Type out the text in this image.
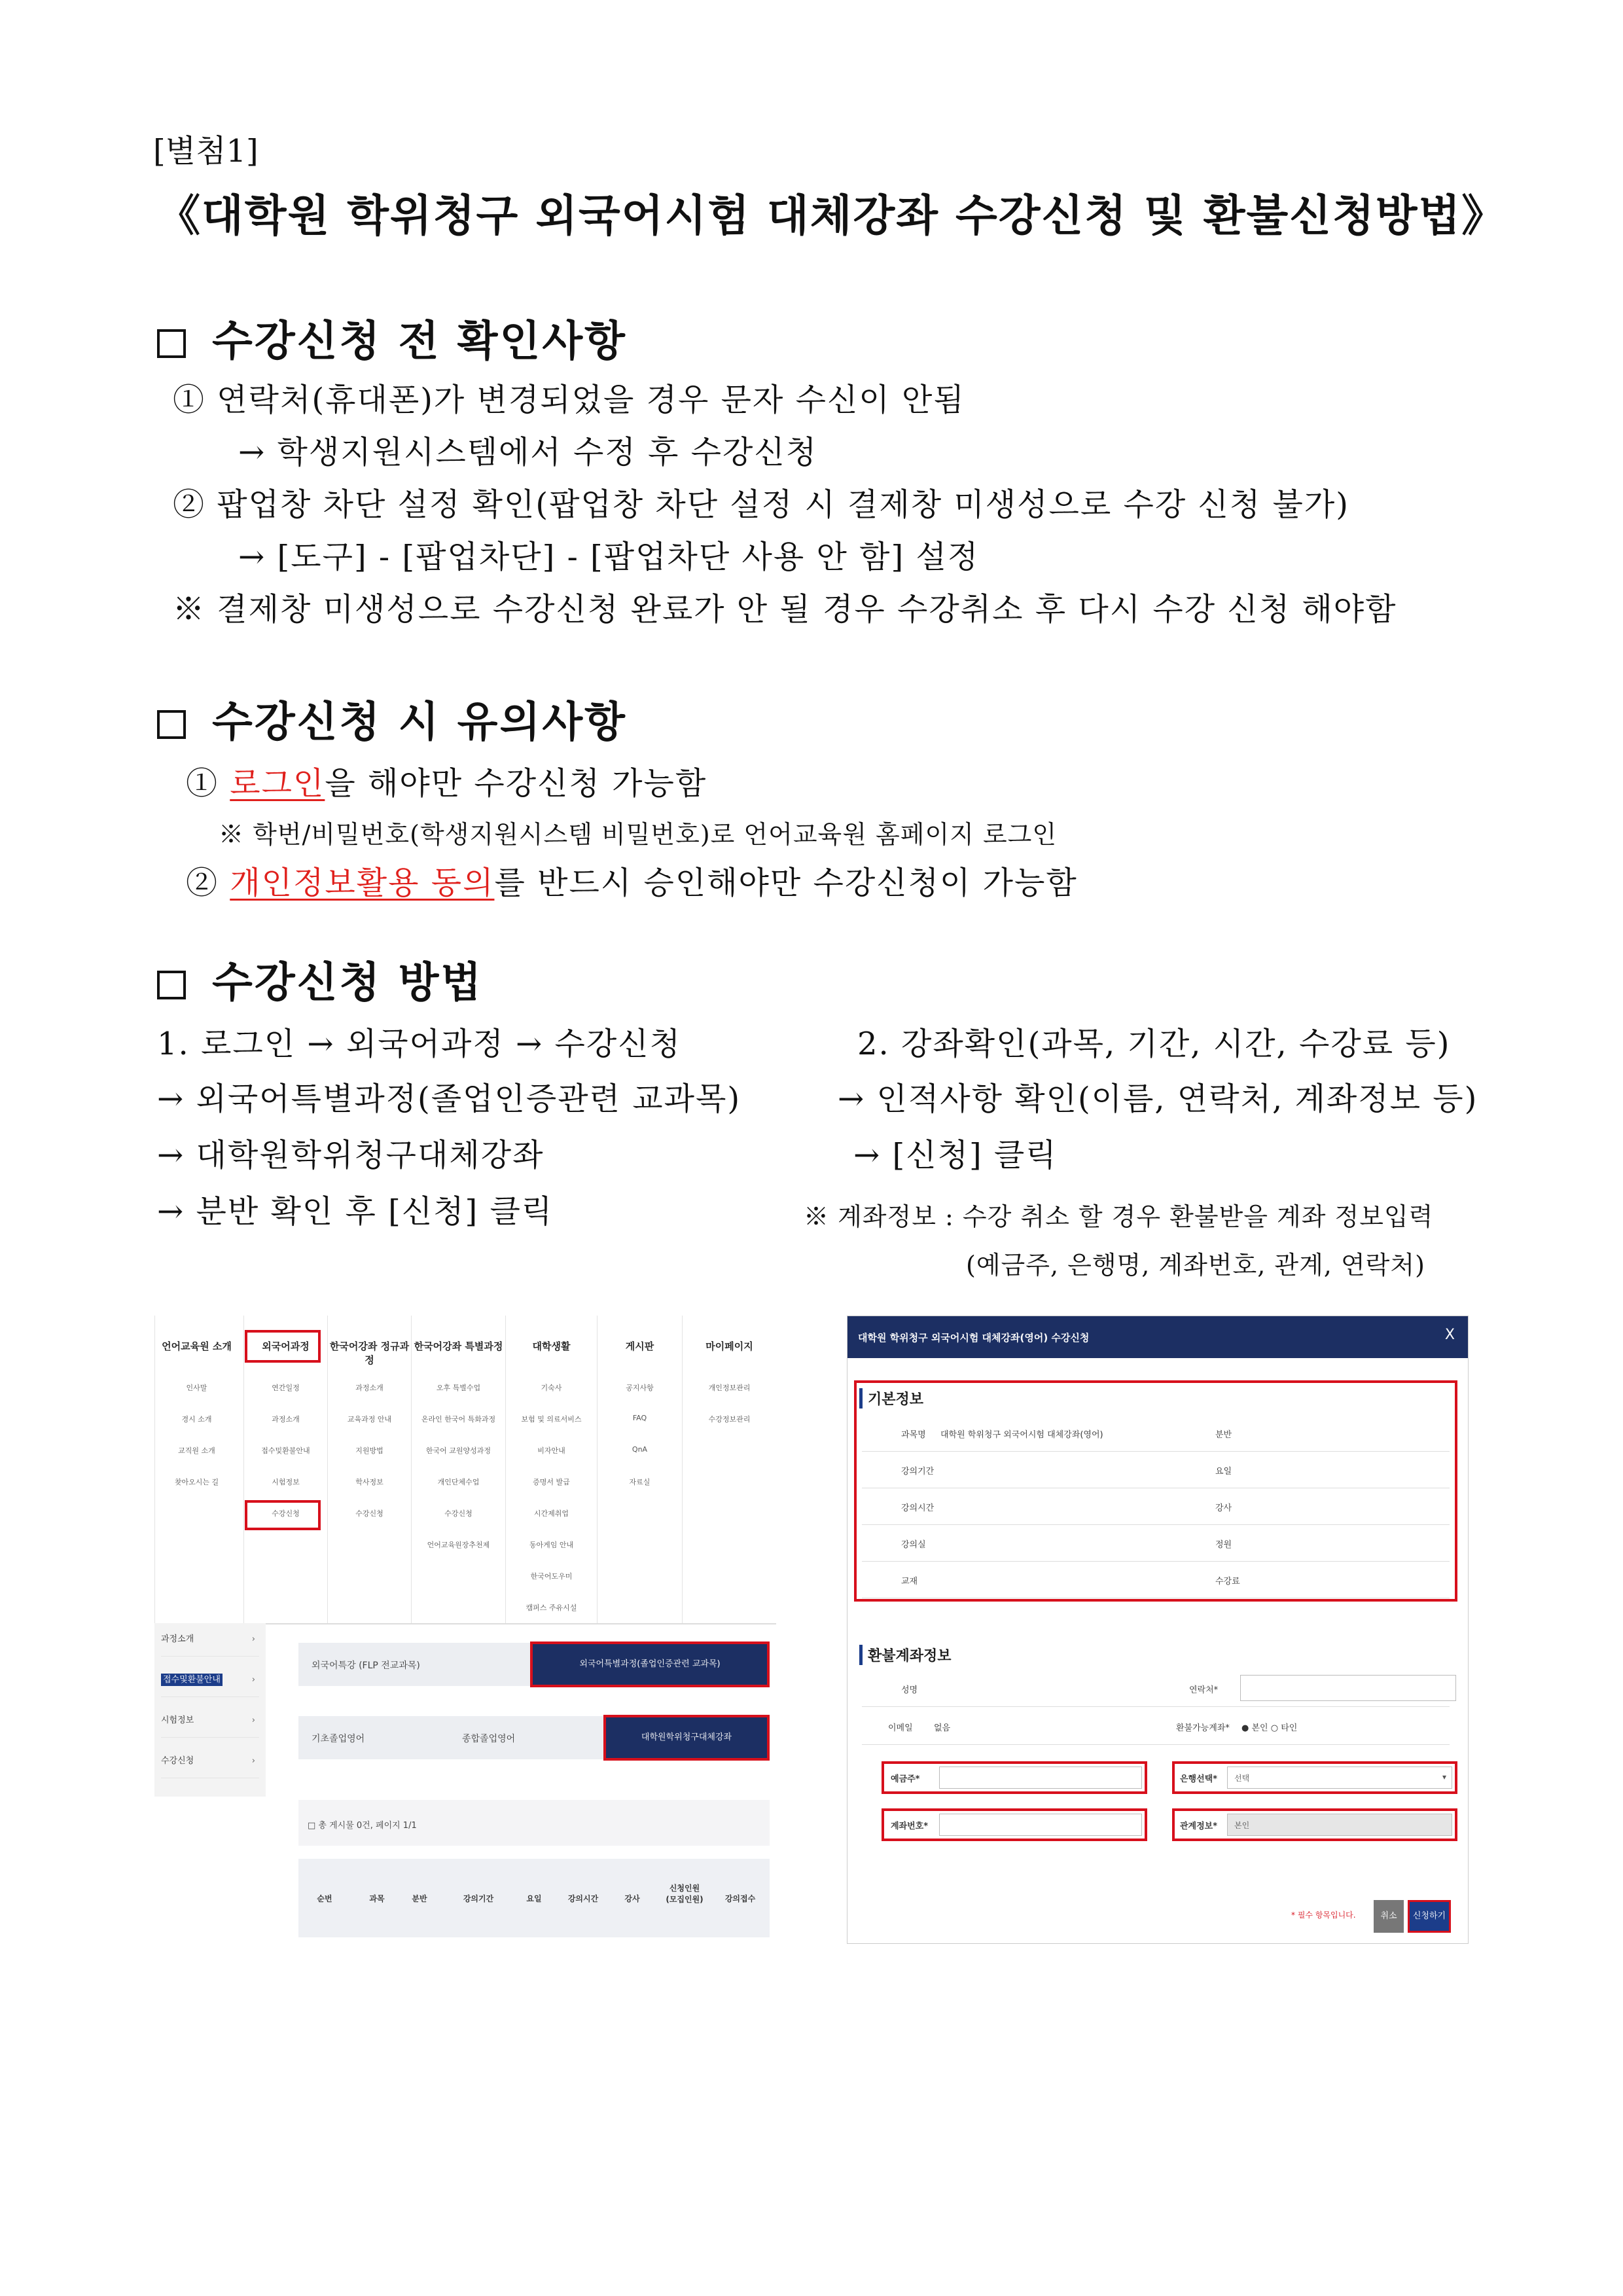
[별첨1]
《대학원 학위청구 외국어시험 대체강좌 수강신청 및 환불신청방법》
수강신청 전 확인사항
① 연락처(휴대폰)가 변경되었을 경우 문자 수신이 안됨
→ 학생지원시스템에서 수정 후 수강신청
② 팝업창 차단 설정 확인(팝업창 차단 설정 시 결제창 미생성으로 수강 신청 불가)
→ [도구] - [팝업차단] - [팝업차단 사용 안 함] 설정
※ 결제창 미생성으로 수강신청 완료가 안 될 경우 수강취소 후 다시 수강 신청 해야함
수강신청 시 유의사항
① 로그인을 해야만 수강신청 가능함
※ 학번/비밀번호(학생지원시스템 비밀번호)로 언어교육원 홈페이지 로그인
② 개인정보활용 동의를 반드시 승인해야만 수강신청이 가능함
수강신청 방법
1. 로그인 → 외국어과정 → 수강신청
→ 외국어특별과정(졸업인증관련 교과목)
→ 대학원학위청구대체강좌
→ 분반 확인 후 [신청] 클릭
2. 강좌확인(과목, 기간, 시간, 수강료 등)
→ 인적사항 확인(이름, 연락처, 계좌정보 등)
→ [신청] 클릭
※ 계좌정보 : 수강 취소 할 경우 환불받을 계좌 정보입력
(예금주, 은행명, 계좌번호, 관계, 연락처)
언어교육원 소개
인사말
경시 소개
교직원 소개
찾아오시는 길
외국어과정
연간일정
과정소개
접수및환불안내
시험정보
수강신청
한국어강좌 정규과정
과정소개
교육과정 안내
지원방법
학사정보
수강신청
한국어강좌 특별과정
오후 특별수업
온라인 한국어 특화과정
한국어 교원양성과정
개인단체수업
수강신청
언어교육원장추천제
대학생활
기숙사
보험 및 의료서비스
비자안내
증명서 발급
시간제취업
동아게임 안내
한국어도우미
캠퍼스 주유시설
게시판
공지사항
FAQ
QnA
자료실
마이페이지
개인정보관리
수강정보관리
과정소개	›
접수및환불안내	›
시험정보	›
수강신청	›
외국어특강 (FLP 전교과목)	외국어특별과정(졸업인증관련 교과목)
기초졸업영어	종합졸업영어	대학원학위청구대체강좌
□ 총 게시물 0건, 페이지 1/1
순번	과목	분반	강의기간	요일	강의시간	강사
신청인원
(모집인원)	강의접수
대학원 학위청구 외국어시험 대체강좌(영어) 수강신청	X
기본정보
과목명 대학원 학위청구 외국어시험 대체강좌(영어)	분반
강의기간	요일
강의시간	강사
강의실	정원
교재	수강료
환불계좌정보
성명	연락처*
이메일 없음	환불가능계좌* ● 본인 ○ 타인
예금주*	은행선택*	선택	▾
계좌번호*	관계정보*	본인
* 필수 항목입니다.	취소	신청하기
